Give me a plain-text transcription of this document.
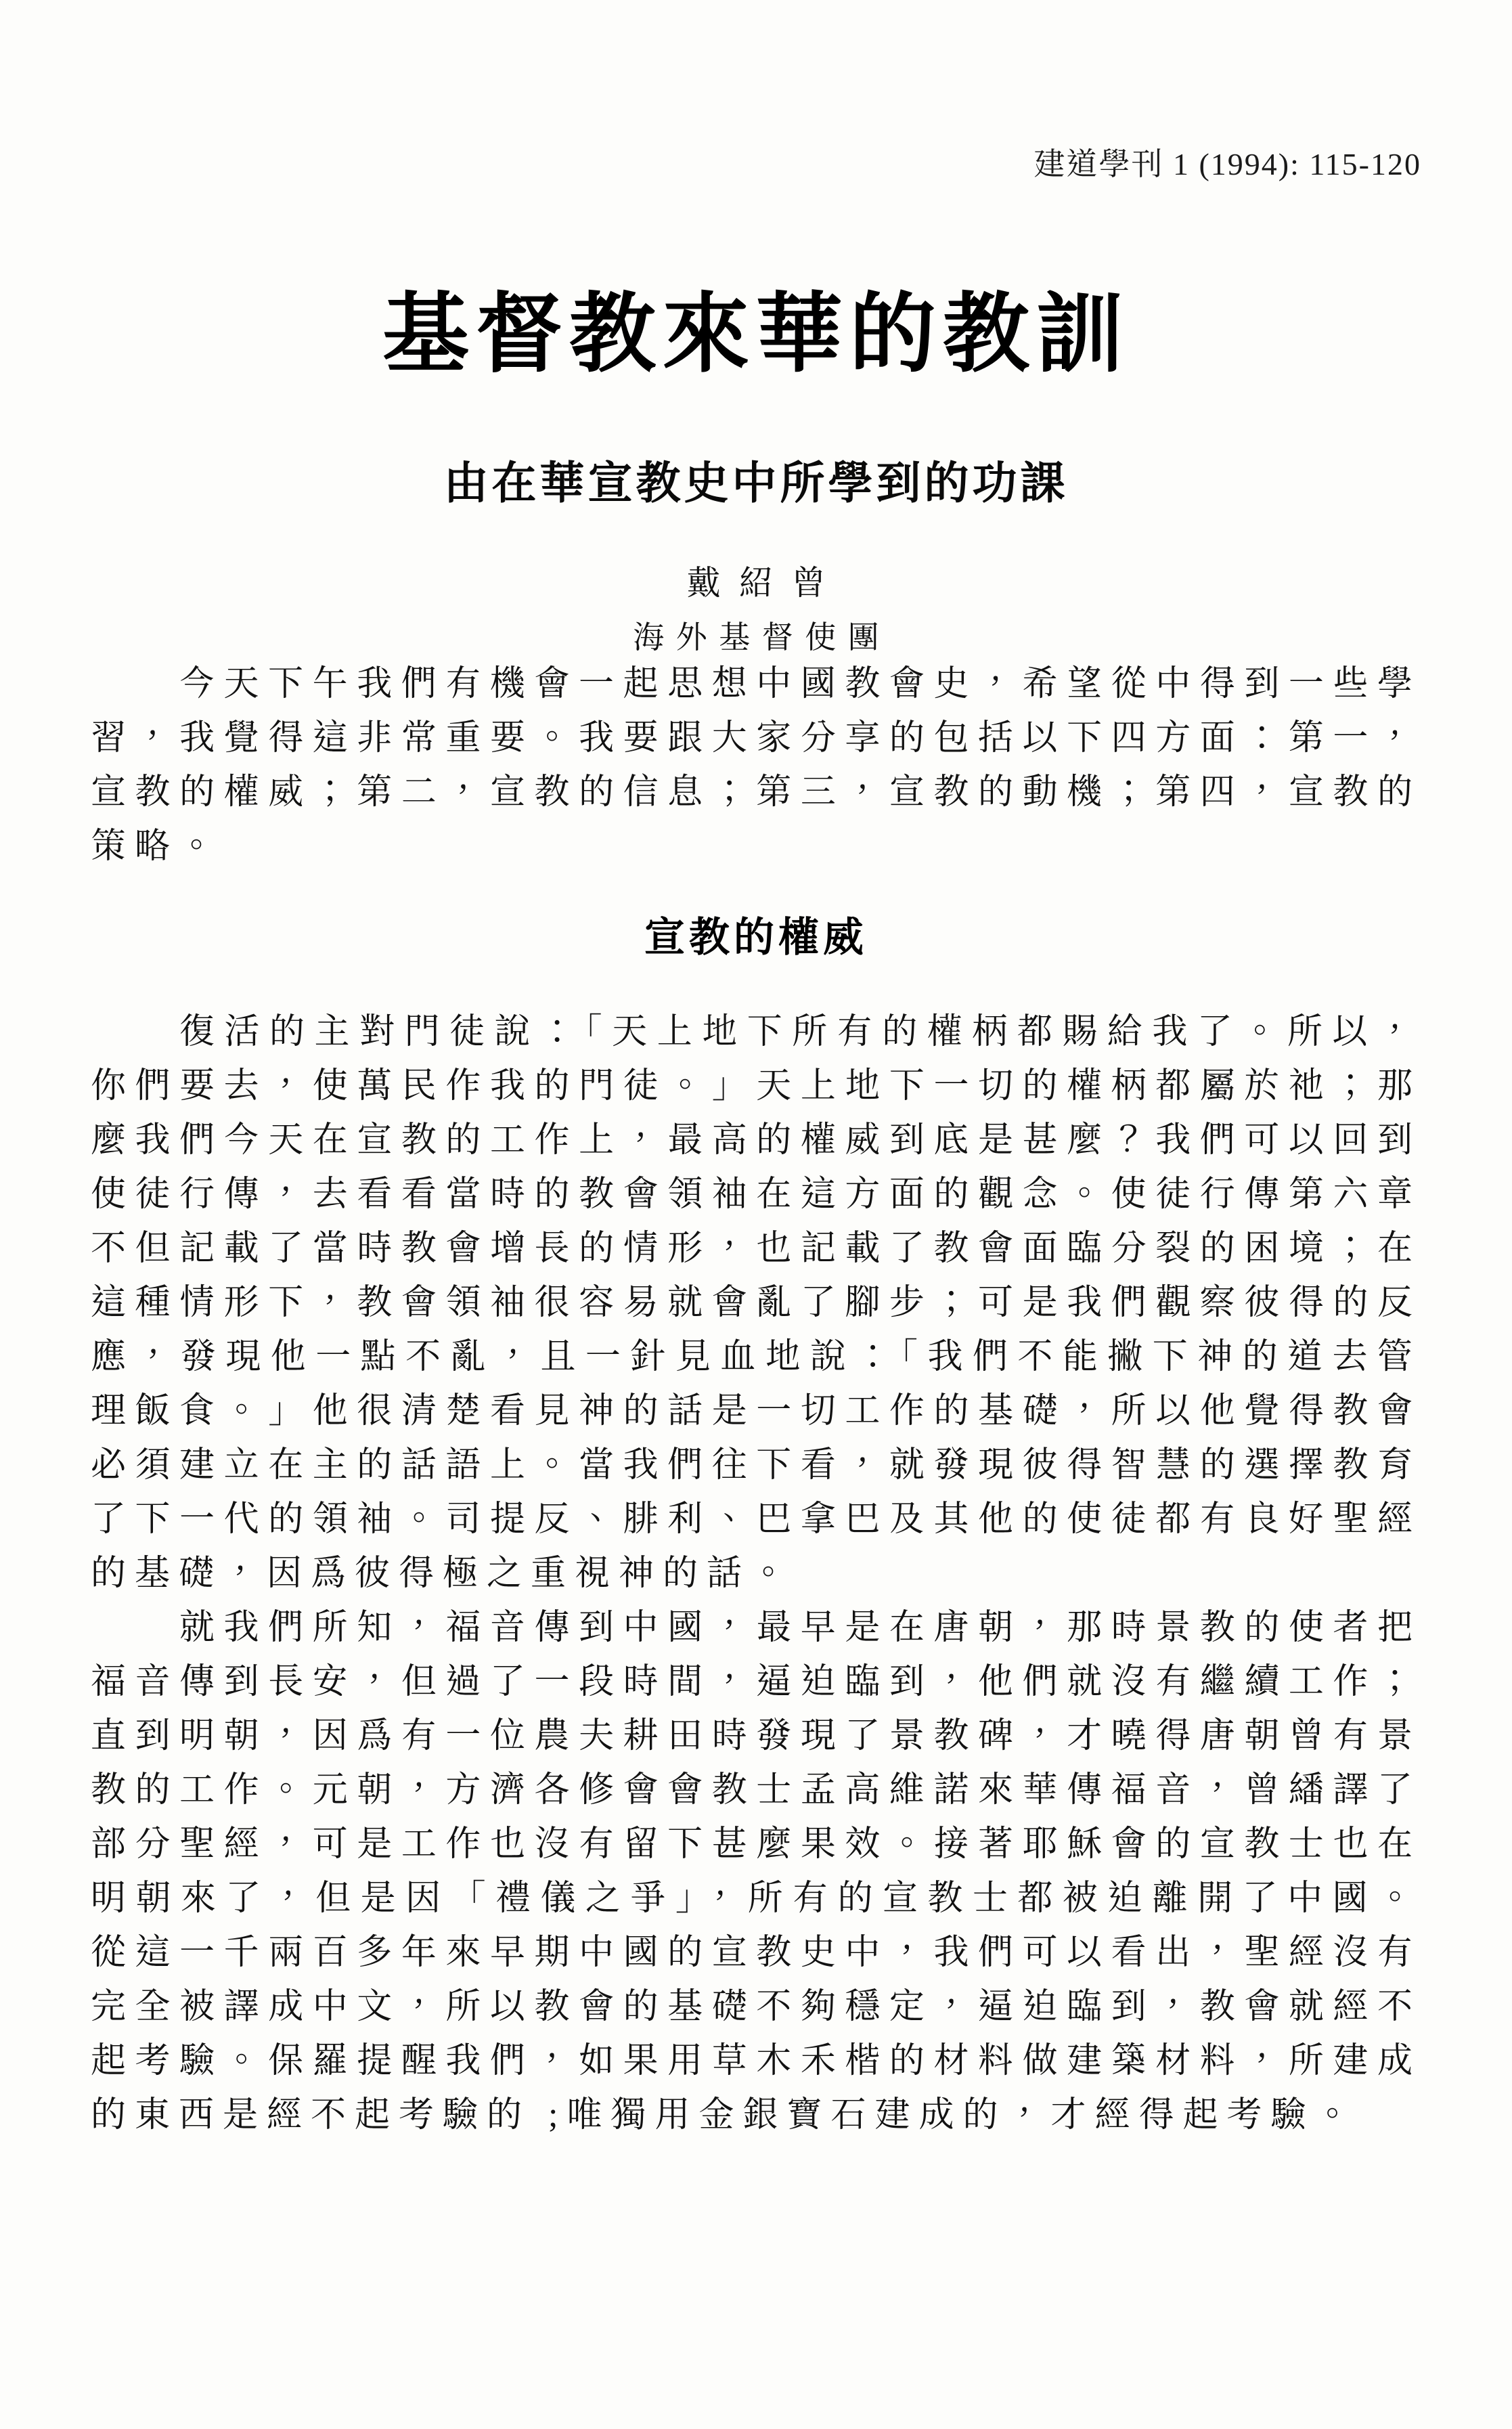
建道學刊 1 (1994): 115-120
基督教來華的教訓
由在華宣教史中所學到的功課
戴紹曾
海外基督使團

今天下午我們有機會一起思想中國教會史，希望從中得到一些學習，我覺得這非常重要。我要跟大家分享的包括以下四方面：第一，宣教的權威；第二，宣教的信息；第三，宣教的動機；第四，宣教的策略。

宣教的權威

復活的主對門徒說：「天上地下所有的權柄都賜給我了。所以，你們要去，使萬民作我的門徒。」天上地下一切的權柄都屬於祂；那麼我們今天在宣教的工作上，最高的權威到底是甚麼？我們可以回到使徒行傳，去看看當時的教會領袖在這方面的觀念。使徒行傳第六章不但記載了當時教會增長的情形，也記載了教會面臨分裂的困境；在這種情形下，教會領袖很容易就會亂了腳步；可是我們觀察彼得的反應，發現他一點不亂，且一針見血地說：「我們不能撇下神的道去管理飯食。」他很清楚看見神的話是一切工作的基礎，所以他覺得教會必須建立在主的話語上。當我們往下看，就發現彼得智慧的選擇教育了下一代的領袖。司提反、腓利、巴拿巴及其他的使徒都有良好聖經的基礎，因爲彼得極之重視神的話。

就我們所知，福音傳到中國，最早是在唐朝，那時景教的使者把福音傳到長安，但過了一段時間，逼迫臨到，他們就沒有繼續工作；直到明朝，因爲有一位農夫耕田時發現了景教碑，才曉得唐朝曾有景教的工作。元朝，方濟各修會會教士孟高維諾來華傳福音，曾繙譯了部分聖經，可是工作也沒有留下甚麼果效。接著耶穌會的宣教士也在明朝來了，但是因「禮儀之爭」，所有的宣教士都被迫離開了中國。從這一千兩百多年來早期中國的宣教史中，我們可以看出，聖經沒有完全被譯成中文，所以教會的基礎不夠穩定，逼迫臨到，教會就經不起考驗。保羅提醒我們，如果用草木禾楷的材料做建築材料，所建成的東西是經不起考驗的 ;唯獨用金銀寶石建成的，才經得起考驗。
